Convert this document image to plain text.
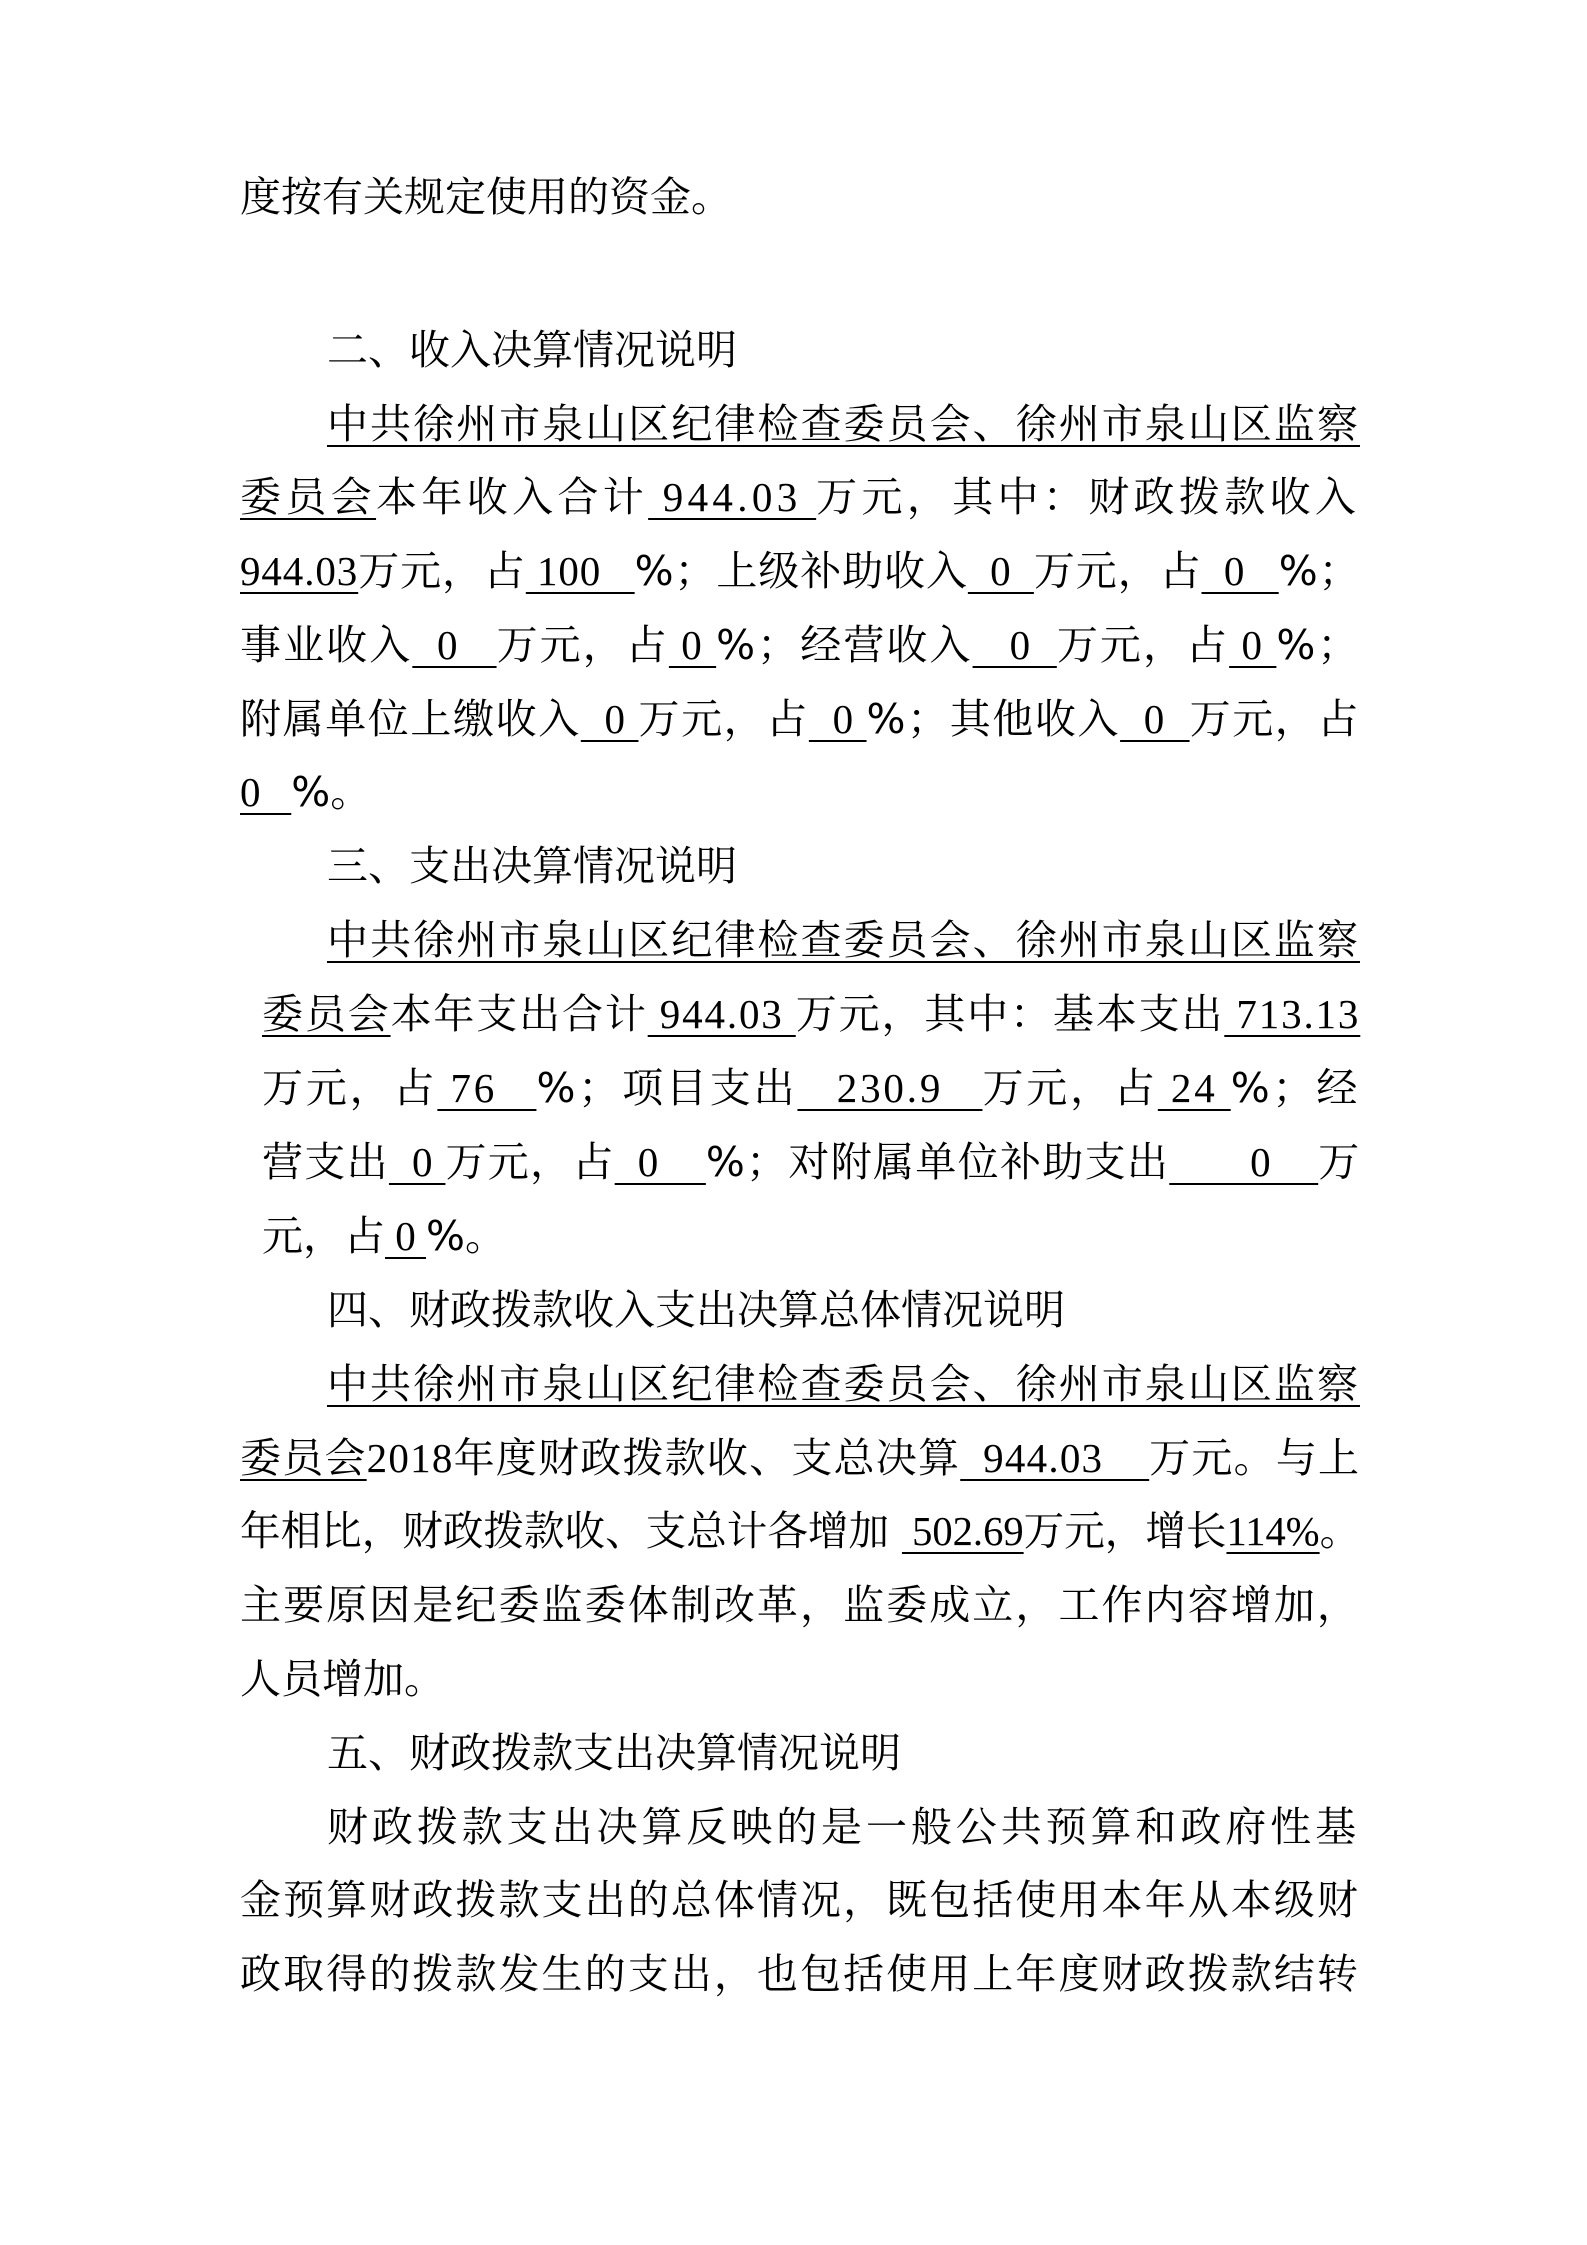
度按有关规定使用的资金。
二、收入决算情况说明
中共徐州市泉山区纪律检查委员会、徐州市泉山区监察
委员会本年收入合计 944.03 万元，其中：财政拨款收入
944.03万元，占 100   %；上级补助收入  0  万元，占  0   %；
事业收入  0   万元，占 0 %；经营收入   0  万元，占 0 %；
附属单位上缴收入  0 万元，占  0 %；其他收入  0  万元，占
0   %。
三、支出决算情况说明
中共徐州市泉山区纪律检查委员会、徐州市泉山区监察
委员会本年支出合计 944.03 万元，其中：基本支出 713.13
万元，占 76   %；项目支出   230.9   万元，占 24 %；经
营支出  0 万元，占  0    %；对附属单位补助支出       0    万
元，占 0 %。
四、财政拨款收入支出决算总体情况说明
中共徐州市泉山区纪律检查委员会、徐州市泉山区监察
委员会2018年度财政拨款收、支总决算  944.03    万元。与上
年相比，财政拨款收、支总计各增加  502.69万元，增长114%。
主要原因是纪委监委体制改革，监委成立，工作内容增加，
人员增加。
五、财政拨款支出决算情况说明
财政拨款支出决算反映的是一般公共预算和政府性基
金预算财政拨款支出的总体情况，既包括使用本年从本级财
政取得的拨款发生的支出，也包括使用上年度财政拨款结转
